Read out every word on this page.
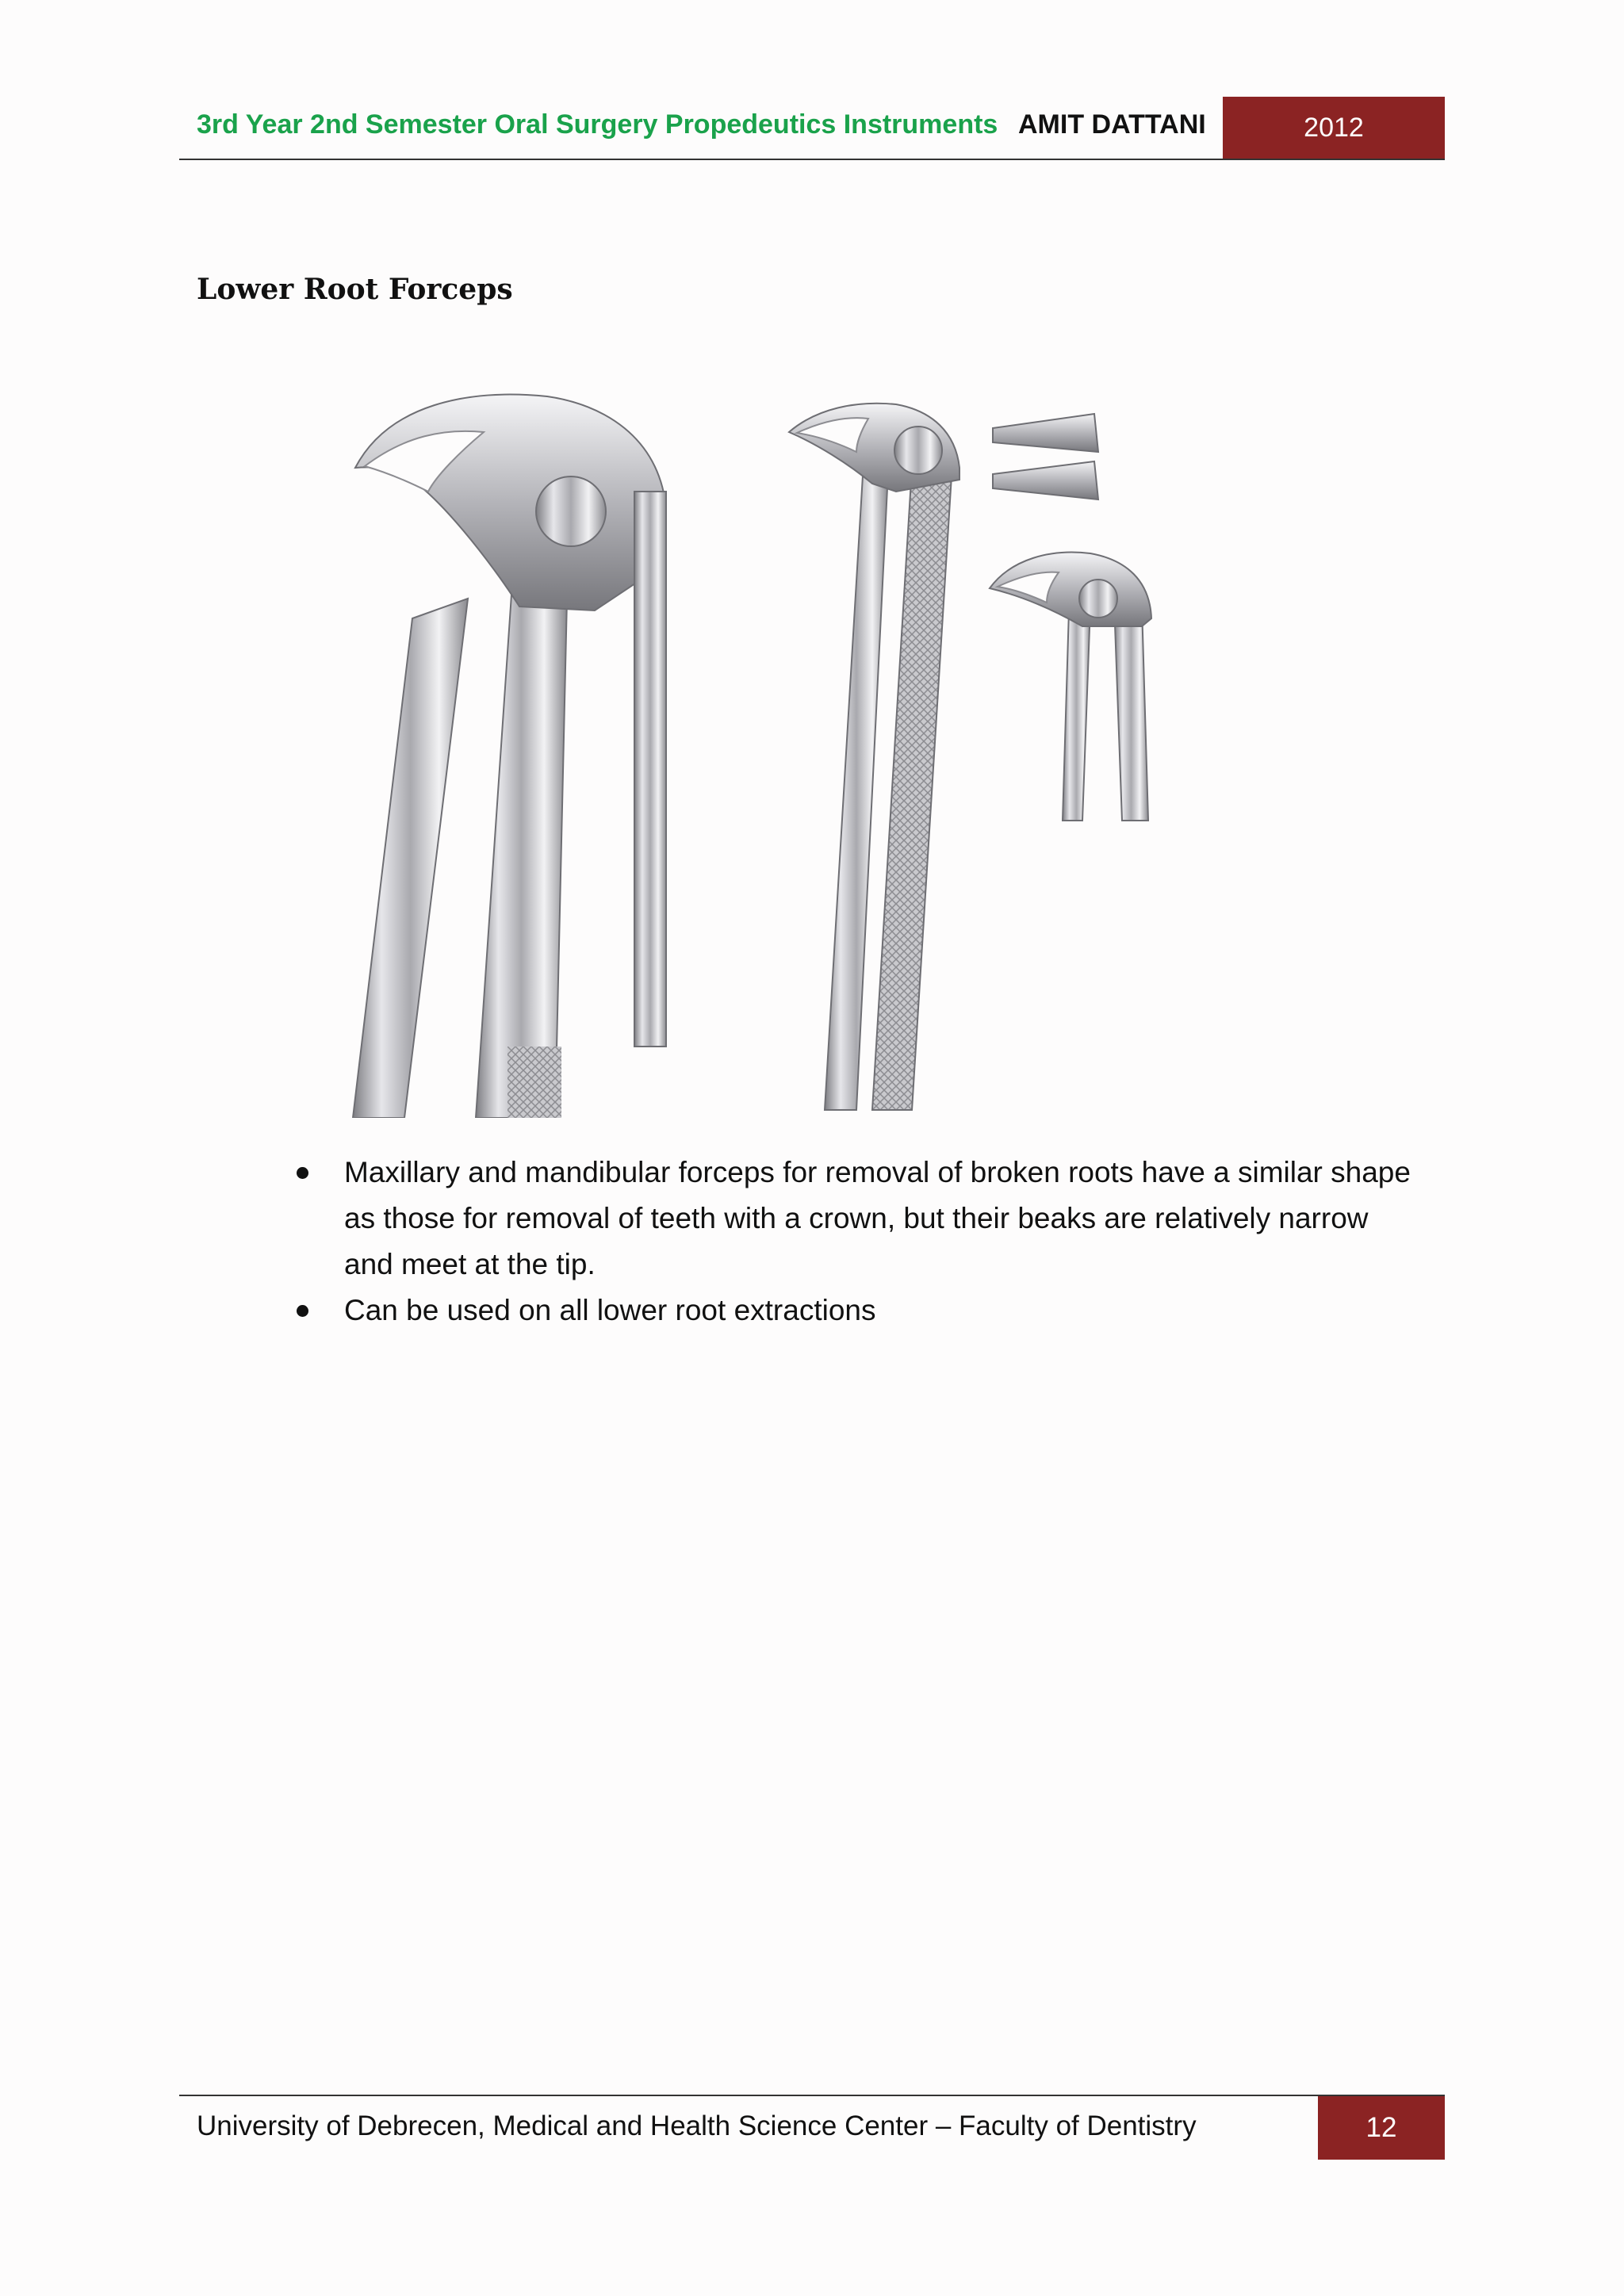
3rd Year 2nd Semester Oral Surgery Propedeutics Instruments AMIT DATTANI	2012
Lower Root Forceps
Maxillary and mandibular forceps for removal of broken roots have a similar shape as those for removal of teeth with a crown, but their beaks are relatively narrow and meet at the tip.
Can be used on all lower root extractions
University of Debrecen, Medical and Health Science Center – Faculty of Dentistry	12
